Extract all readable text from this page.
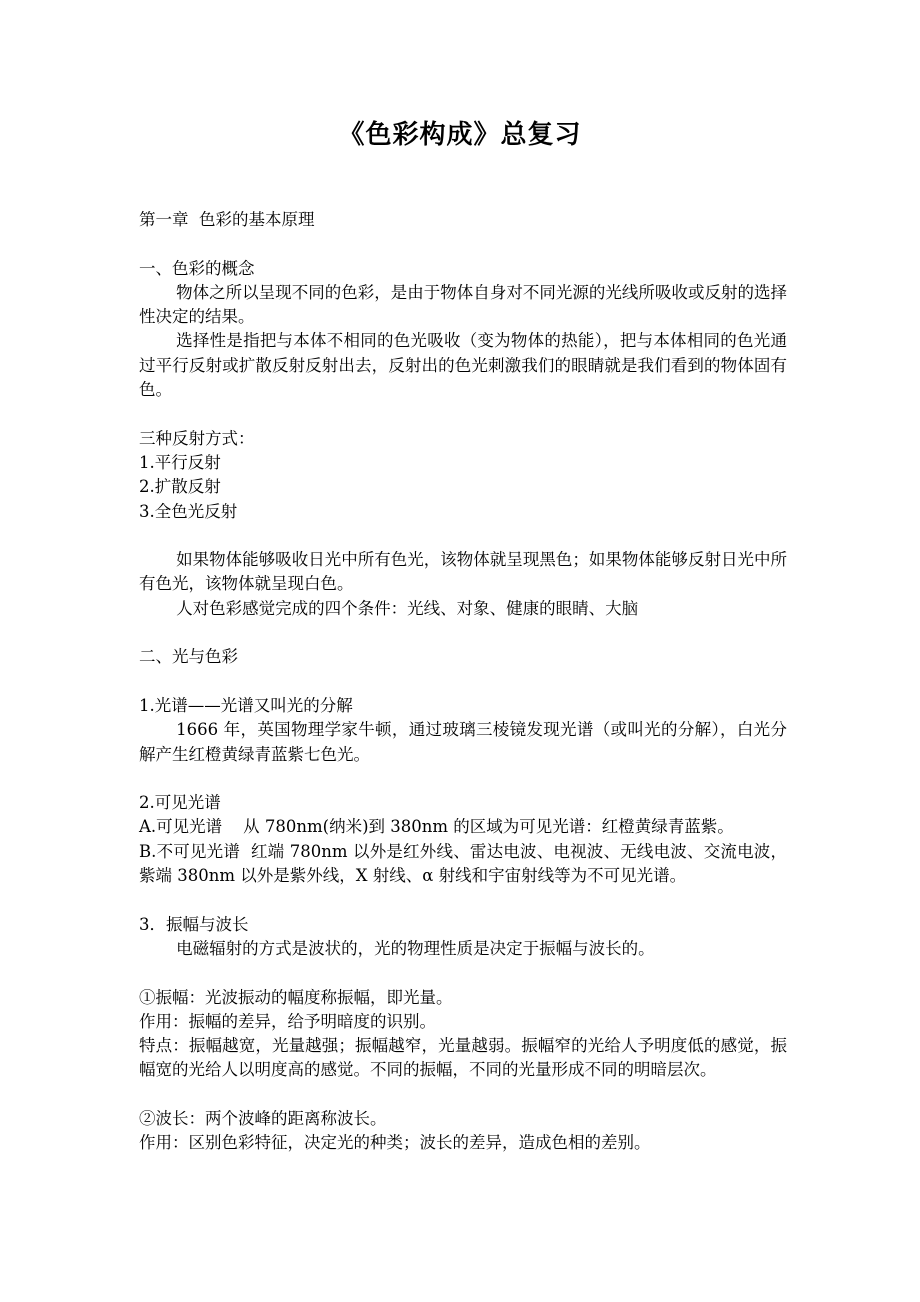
《色彩构成》总复习

第一章  色彩的基本原理

一、色彩的概念

物体之所以呈现不同的色彩，是由于物体自身对不同光源的光线所吸收或反射的选择性决定的结果。

选择性是指把与本体不相同的色光吸收（变为物体的热能），把与本体相同的色光通过平行反射或扩散反射反射出去，反射出的色光刺激我们的眼睛就是我们看到的物体固有色。

三种反射方式：

1.平行反射

2.扩散反射

3.全色光反射

如果物体能够吸收日光中所有色光，该物体就呈现黑色；如果物体能够反射日光中所有色光，该物体就呈现白色。

人对色彩感觉完成的四个条件：光线、对象、健康的眼睛、大脑

二、光与色彩

1.光谱——光谱又叫光的分解

1666 年，英国物理学家牛顿，通过玻璃三棱镜发现光谱（或叫光的分解），白光分解产生红橙黄绿青蓝紫七色光。

2.可见光谱

A.可见光谱    从 780nm(纳米)到 380nm 的区域为可见光谱：红橙黄绿青蓝紫。

B.不可见光谱  红端 780nm 以外是红外线、雷达电波、电视波、无线电波、交流电波，紫端 380nm 以外是紫外线，X 射线、α 射线和宇宙射线等为不可见光谱。

3．振幅与波长

电磁辐射的方式是波状的，光的物理性质是决定于振幅与波长的。

①振幅：光波振动的幅度称振幅，即光量。

作用：振幅的差异，给予明暗度的识别。

特点：振幅越宽，光量越强；振幅越窄，光量越弱。振幅窄的光给人予明度低的感觉，振幅宽的光给人以明度高的感觉。不同的振幅，不同的光量形成不同的明暗层次。

②波长：两个波峰的距离称波长。

作用：区别色彩特征，决定光的种类；波长的差异，造成色相的差别。
